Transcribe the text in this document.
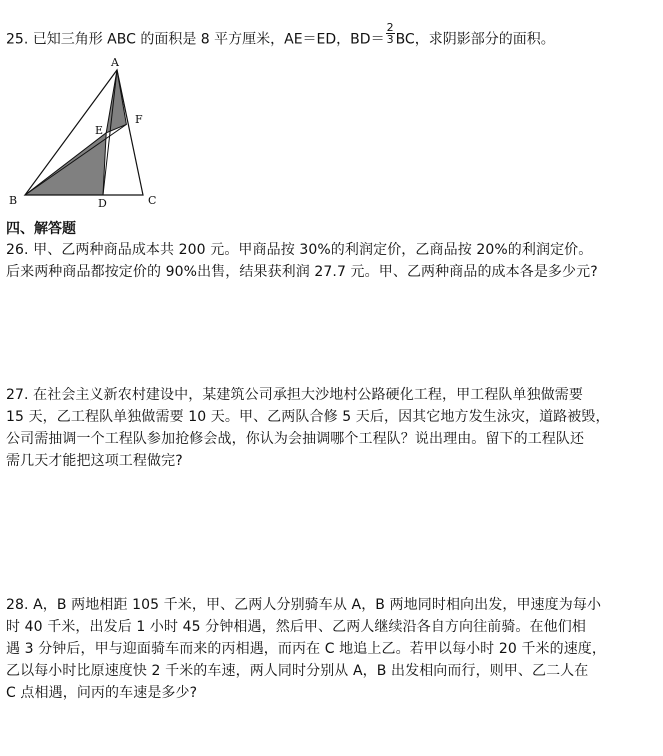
25. 已知三角形 ABC 的面积是 8 平方厘米，AE＝ED，$BD= \frac{2}{3}$ BC，求阴影部分的面积。
A
B	C
D
E
F
四、解答题

26. 甲、乙两种商品成本共 200 元。甲商品按 30%的利润定价，乙商品按 20%的利润定价。

后来两种商品都按定价的 90%出售，结果获利润 27.7 元。甲、乙两种商品的成本各是多少元?

27. 在社会主义新农村建设中，某建筑公司承担大沙地村公路硬化工程，甲工程队单独做需要

15 天，乙工程队单独做需要 10 天。甲、乙两队合修 5 天后，因其它地方发生泳灾，道路被毁，

公司需抽调一个工程队参加抢修会战，你认为会抽调哪个工程队？说出理由。留下的工程队还

需几天才能把这项工程做完?

28. A，B 两地相距 105 千米，甲、乙两人分别骑车从 A，B 两地同时相向出发，甲速度为每小

时 40 千米，出发后 1 小时 45 分钟相遇，然后甲、乙两人继续沿各自方向往前骑。在他们相

遇 3 分钟后，甲与迎面骑车而来的丙相遇，而丙在 C 地追上乙。若甲以每小时 20 千米的速度，

乙以每小时比原速度快 2 千米的车速，两人同时分别从 A，B 出发相向而行，则甲、乙二人在

C 点相遇，问丙的车速是多少?
